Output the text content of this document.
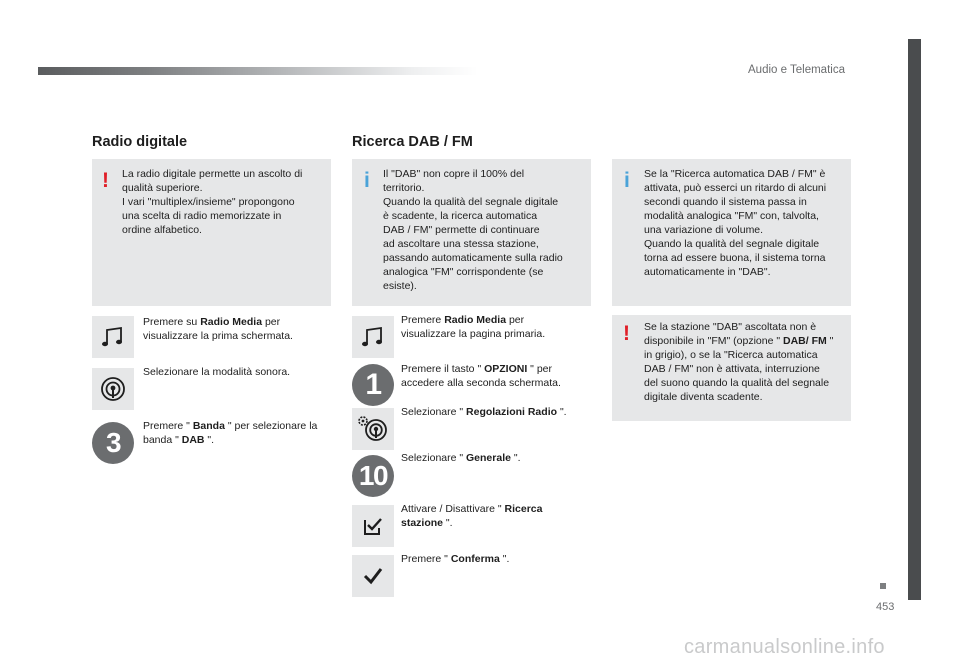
Audio e Telematica
453
carmanualsonline.info
Radio digitale
! La radio digitale permette un ascolto di

qualità superiore.

I vari "multiplex/insieme" propongono

una scelta di radio memorizzate in

ordine alfabetico.

Premere su Radio Media per

visualizzare la prima schermata.

Selezionare la modalità sonora.

3

Premere " Banda " per selezionare la

banda " DAB ".

Ricerca DAB / FM
i Il "DAB" non copre il 100% del

territorio.

Quando la qualità del segnale digitale

è scadente, la ricerca automatica

DAB / FM" permette di continuare

ad ascoltare una stessa stazione,

passando automaticamente sulla radio

analogica "FM" corrispondente (se

esiste).

Premere Radio Media per

visualizzare la pagina primaria.

1	Premere il tasto " OPZIONI " per

accedere alla seconda schermata.

Selezionare " Regolazioni Radio ".

10

Selezionare " Generale ".

Attivare / Disattivare " Ricerca

stazione ".

Premere " Conferma ".

i Se la "Ricerca automatica DAB / FM" è

attivata, può esserci un ritardo di alcuni

secondi quando il sistema passa in

modalità analogica "FM" con, talvolta,

una variazione di volume.

Quando la qualità del segnale digitale

torna ad essere buona, il sistema torna

automaticamente in "DAB".

! Se la stazione "DAB" ascoltata non è

disponibile in "FM" (opzione " DAB/ FM "

in grigio), o se la "Ricerca automatica

DAB / FM" non è attivata, interruzione

del suono quando la qualità del segnale

digitale diventa scadente.
